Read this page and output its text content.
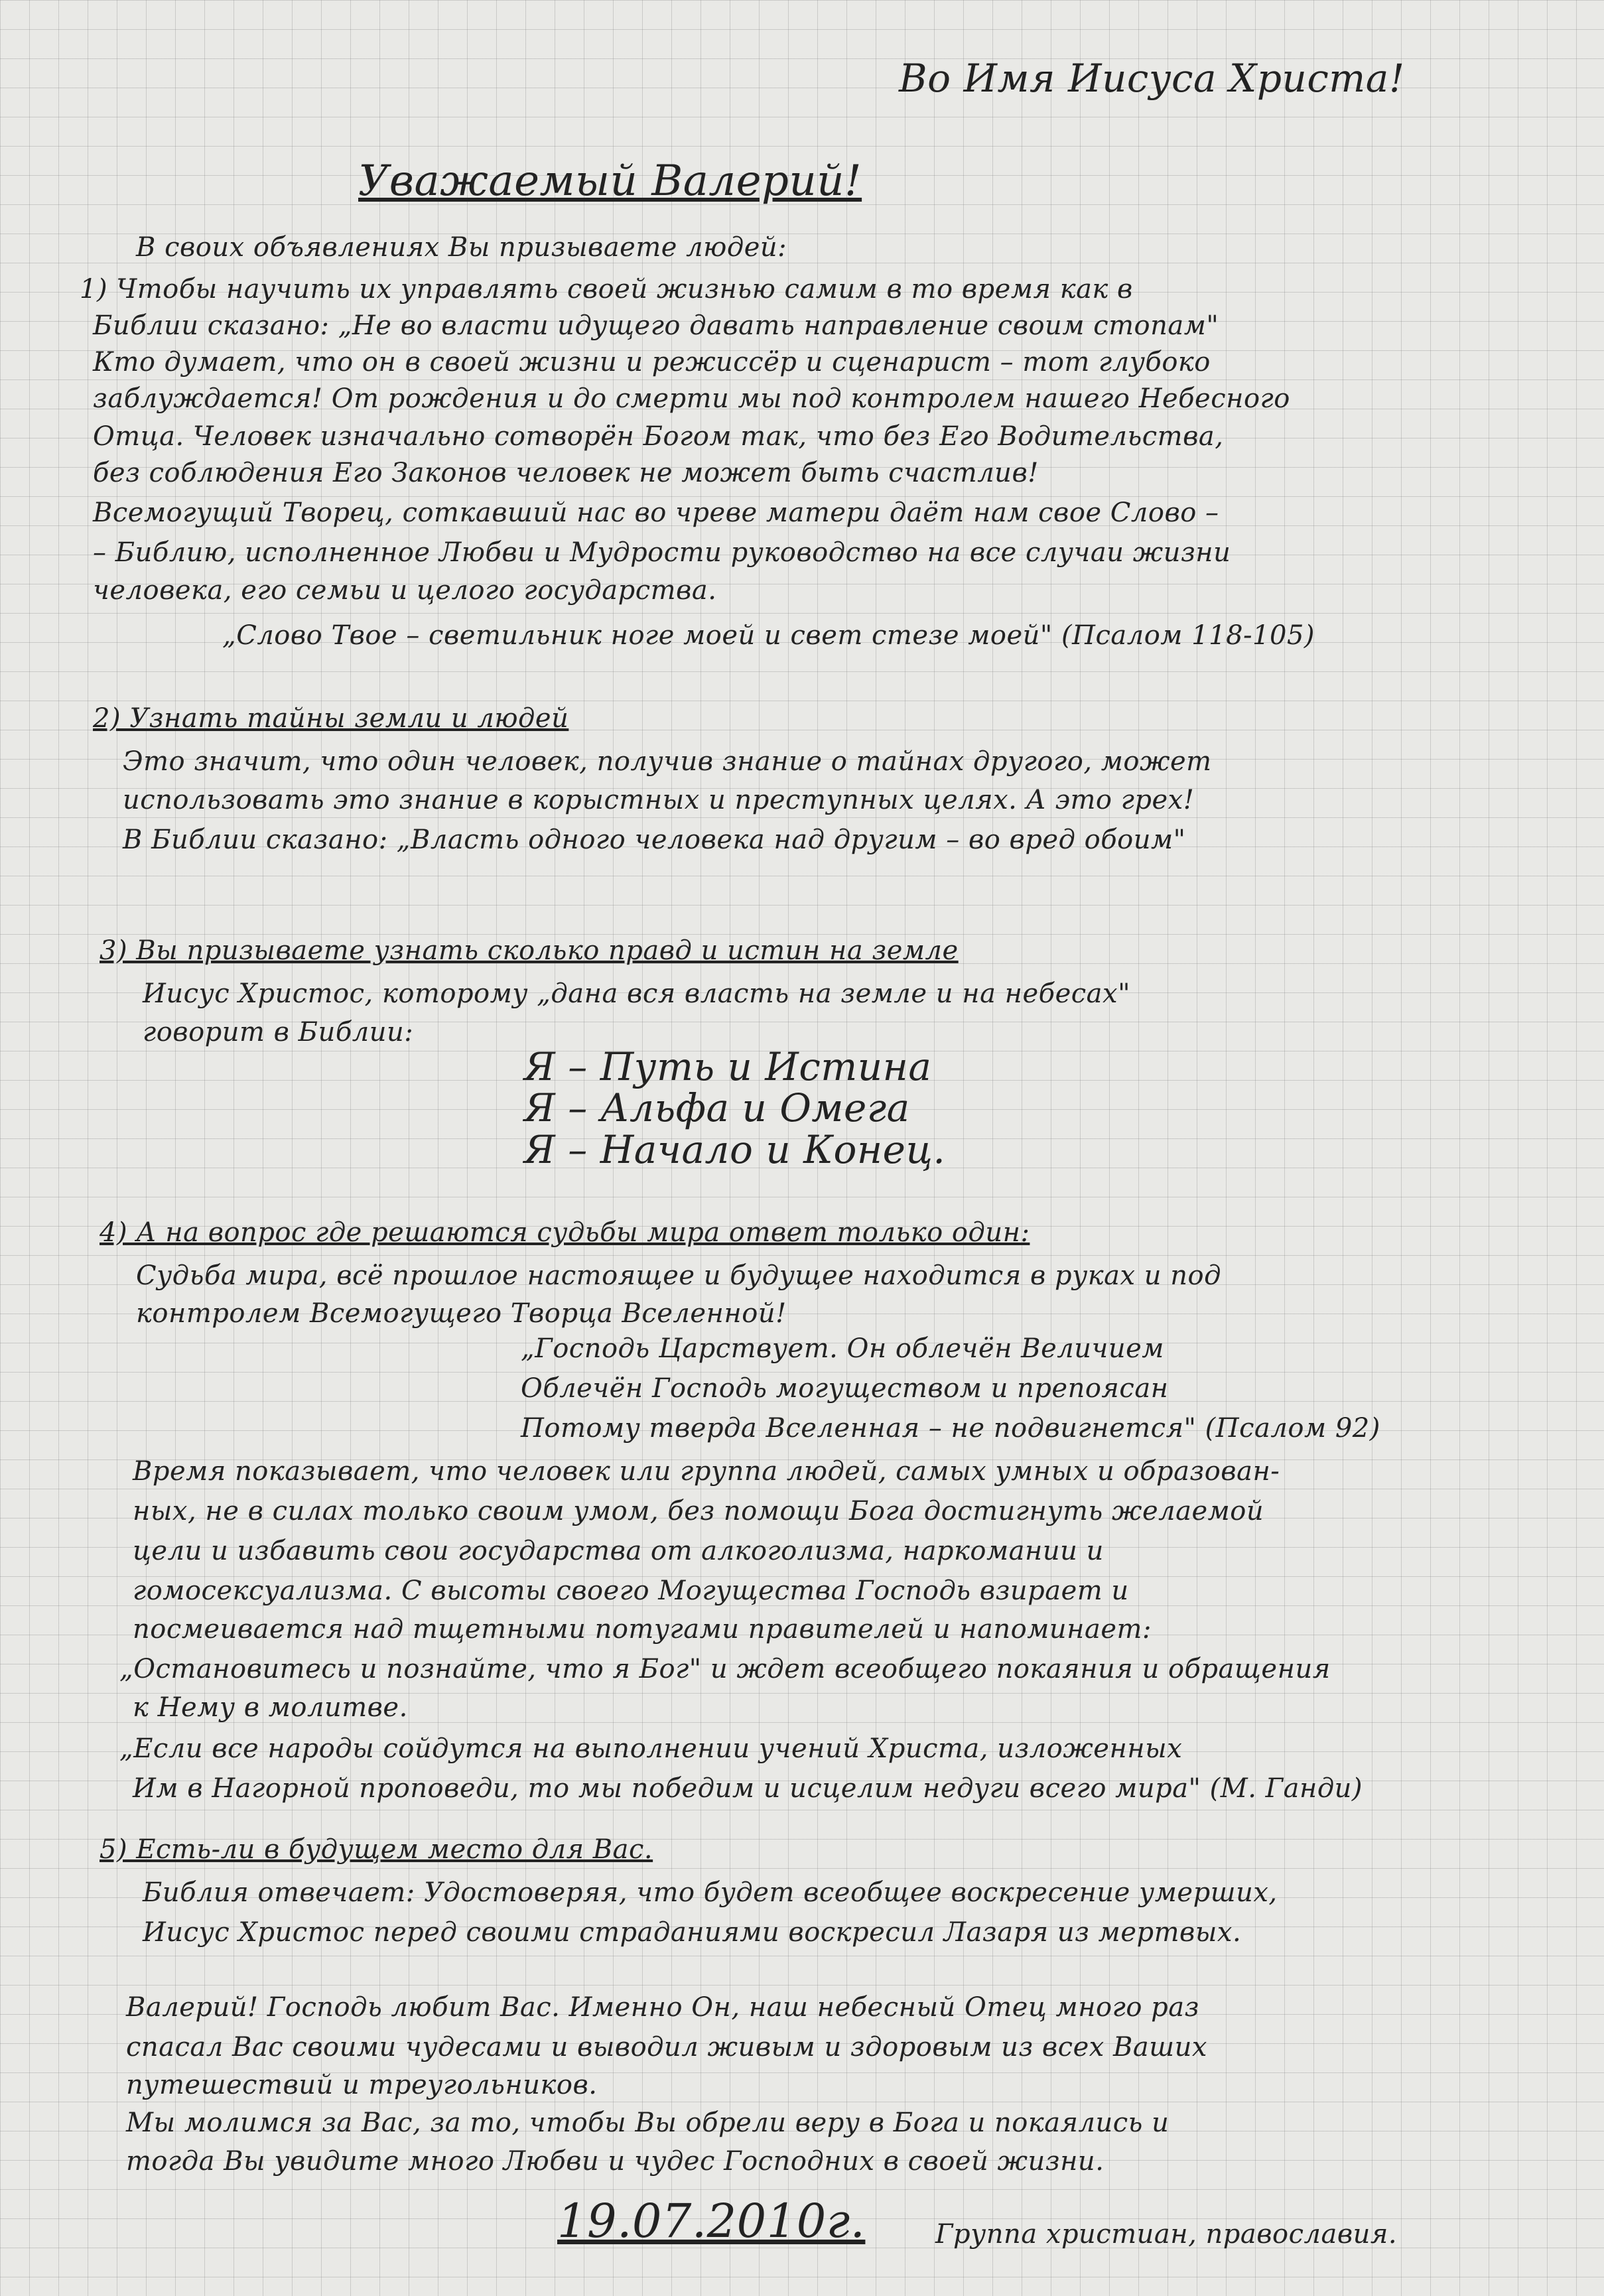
Во Имя Иисуса Христа!
Уважаемый Валерий!
В своих объявлениях Вы призываете людей:
1) Чтобы научить их управлять своей жизнью самим в то время как в
Библии сказано: „Не во власти идущего давать направление своим стопам"
Кто думает, что он в своей жизни и режиссёр и сценарист – тот глубоко
заблуждается! От рождения и до смерти мы под контролем нашего Небесного
Отца. Человек изначально сотворён Богом так, что без Его Водительства,
без соблюдения Его Законов человек не может быть счастлив!
Всемогущий Творец, соткавший нас во чреве матери даёт нам свое Слово –
– Библию, исполненное Любви и Мудрости руководство на все случаи жизни
человека, его семьи и целого государства.
„Слово Твое – светильник ноге моей и свет стезе моей" (Псалом 118-105)
2) Узнать тайны земли и людей
Это значит, что один человек, получив знание о тайнах другого, может
использовать это знание в корыстных и преступных целях. А это грех!
В Библии сказано: „Власть одного человека над другим – во вред обоим"
3) Вы призываете узнать сколько правд и истин на земле
Иисус Христос, которому „дана вся власть на земле и на небесах"
говорит в Библии:
Я – Путь и Истина
Я – Альфа и Омега
Я – Начало и Конец.
4) А на вопрос где решаются судьбы мира ответ только один:
Судьба мира, всё прошлое настоящее и будущее находится в руках и под
контролем Всемогущего Творца Вселенной!
„Господь Царствует. Он облечён Величием
Облечён Господь могуществом и препоясан
Потому тверда Вселенная – не подвигнется" (Псалом 92)
Время показывает, что человек или группа людей, самых умных и образован-
ных, не в силах только своим умом, без помощи Бога достигнуть желаемой
цели и избавить свои государства от алкоголизма, наркомании и
гомосексуализма. С высоты своего Могущества Господь взирает и
посмеивается над тщетными потугами правителей и напоминает:
„Остановитесь и познайте, что я Бог" и ждет всеобщего покаяния и обращения
к Нему в молитве.
„Если все народы сойдутся на выполнении учений Христа, изложенных
Им в Нагорной проповеди, то мы победим и исцелим недуги всего мира" (М. Ганди)
5) Есть-ли в будущем место для Вас.
Библия отвечает: Удостоверяя, что будет всеобщее воскресение умерших,
Иисус Христос перед своими страданиями воскресил Лазаря из мертвых.
Валерий! Господь любит Вас. Именно Он, наш небесный Отец много раз
спасал Вас своими чудесами и выводил живым и здоровым из всех Ваших
путешествий и треугольников.
Мы молимся за Вас, за то, чтобы Вы обрели веру в Бога и покаялись и
тогда Вы увидите много Любви и чудес Господних в своей жизни.
19.07.2010г.	Группа христиан, православия.
